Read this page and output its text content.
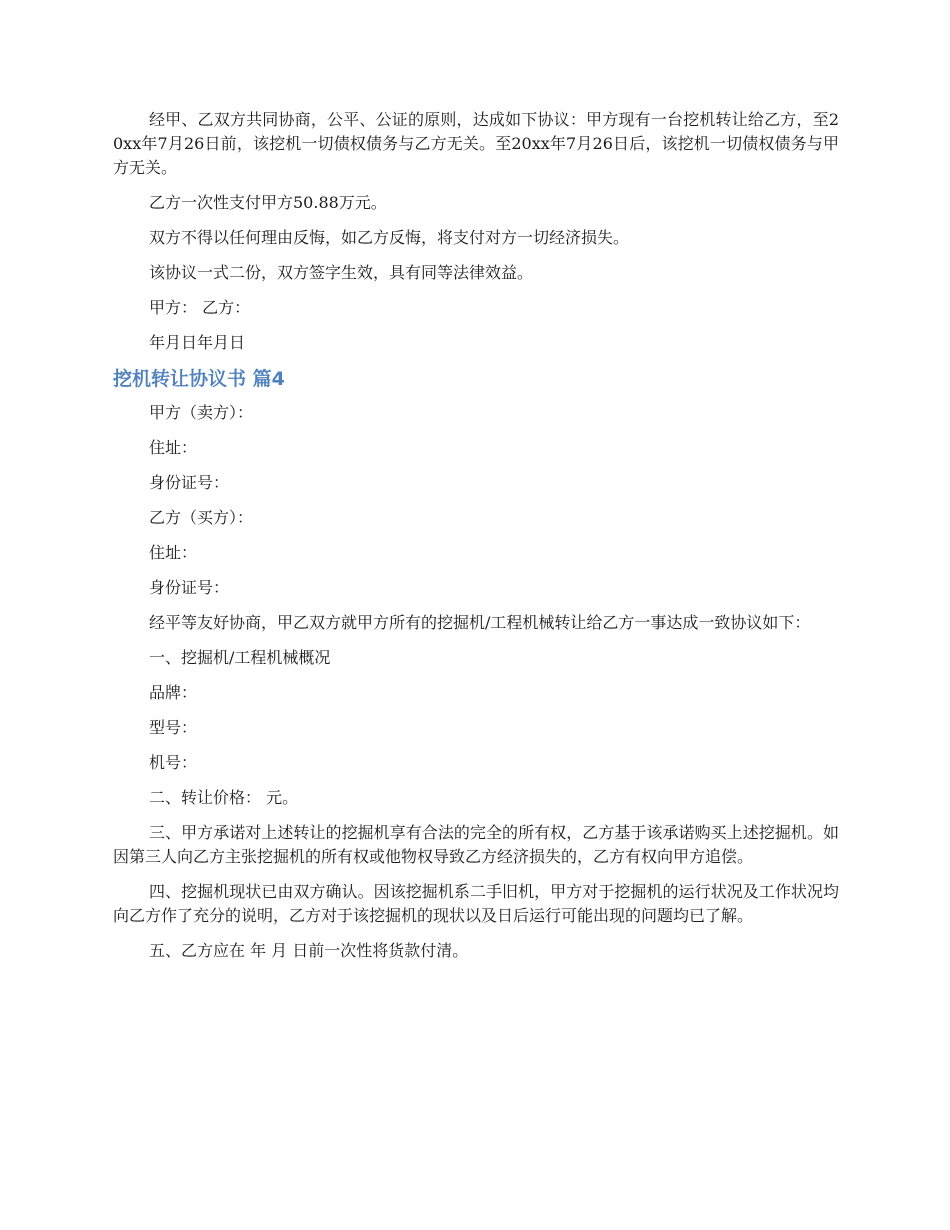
经甲、乙双方共同协商，公平、公证的原则，达成如下协议：甲方现有一台挖机转让给乙方，至20xx年7月26日前，该挖机一切债权债务与乙方无关。至20xx年7月26日后，该挖机一切债权债务与甲方无关。

乙方一次性支付甲方50.88万元。

双方不得以任何理由反悔，如乙方反悔，将支付对方一切经济损失。

该协议一式二份，双方签字生效，具有同等法律效益。

甲方： 乙方：

年月日年月日

挖机转让协议书 篇4

甲方（卖方）：

住址：

身份证号：

乙方（买方）：

住址：

身份证号：

经平等友好协商，甲乙双方就甲方所有的挖掘机/工程机械转让给乙方一事达成一致协议如下：

一、挖掘机/工程机械概况

品牌：

型号：

机号：

二、转让价格： 元。

三、甲方承诺对上述转让的挖掘机享有合法的完全的所有权，乙方基于该承诺购买上述挖掘机。如因第三人向乙方主张挖掘机的所有权或他物权导致乙方经济损失的，乙方有权向甲方追偿。

四、挖掘机现状已由双方确认。因该挖掘机系二手旧机，甲方对于挖掘机的运行状况及工作状况均向乙方作了充分的说明，乙方对于该挖掘机的现状以及日后运行可能出现的问题均已了解。

五、乙方应在 年 月 日前一次性将货款付清。
